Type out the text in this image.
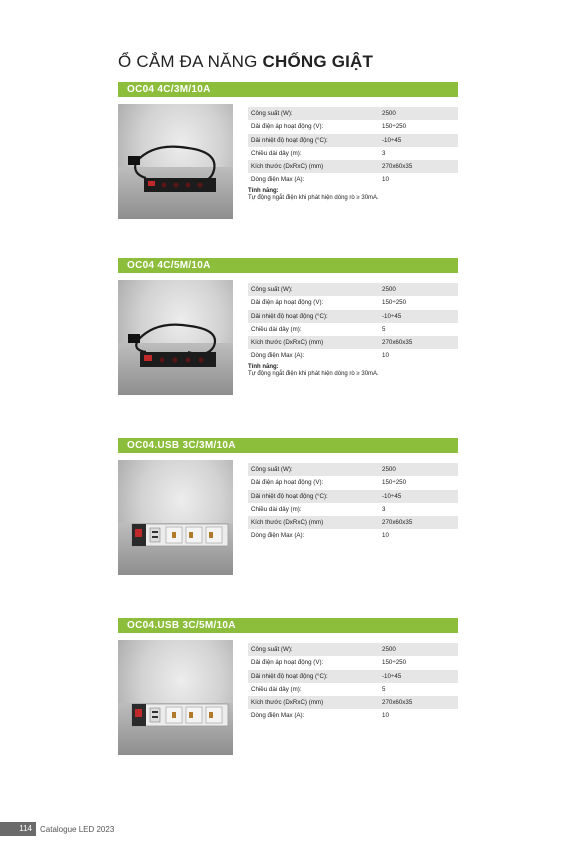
Ổ CẮM ĐA NĂNG CHỐNG GIẬT
OC04 4C/3M/10A
Công suất (W):	2500
Dải điện áp hoạt động (V):	150÷250
Dải nhiệt độ hoạt động (°C):	-10÷45
Chiều dài dây (m):	3
Kích thước (DxRxC) (mm)	270x60x35
Dòng điện Max (A):	10
Tính năng:
Tự động ngắt điện khi phát hiện dòng rò ≥ 30mA.
OC04 4C/5M/10A
Công suất (W):	2500
Dải điện áp hoạt động (V):	150÷250
Dải nhiệt độ hoạt động (°C):	-10÷45
Chiều dài dây (m):	5
Kích thước (DxRxC) (mm)	270x60x35
Dòng điện Max (A):	10
Tính năng:
Tự động ngắt điện khi phát hiện dòng rò ≥ 30mA.
OC04.USB 3C/3M/10A
Công suất (W):	2500
Dải điện áp hoạt động (V):	150÷250
Dải nhiệt độ hoạt động (°C):	-10÷45
Chiều dài dây (m):	3
Kích thước (DxRxC) (mm)	270x60x35
Dòng điện Max (A):	10
OC04.USB 3C/5M/10A
Công suất (W):	2500
Dải điện áp hoạt động (V):	150÷250
Dải nhiệt độ hoạt động (°C):	-10÷45
Chiều dài dây (m):	5
Kích thước (DxRxC) (mm)	270x60x35
Dòng điện Max (A):	10
114	Catalogue LED 2023
